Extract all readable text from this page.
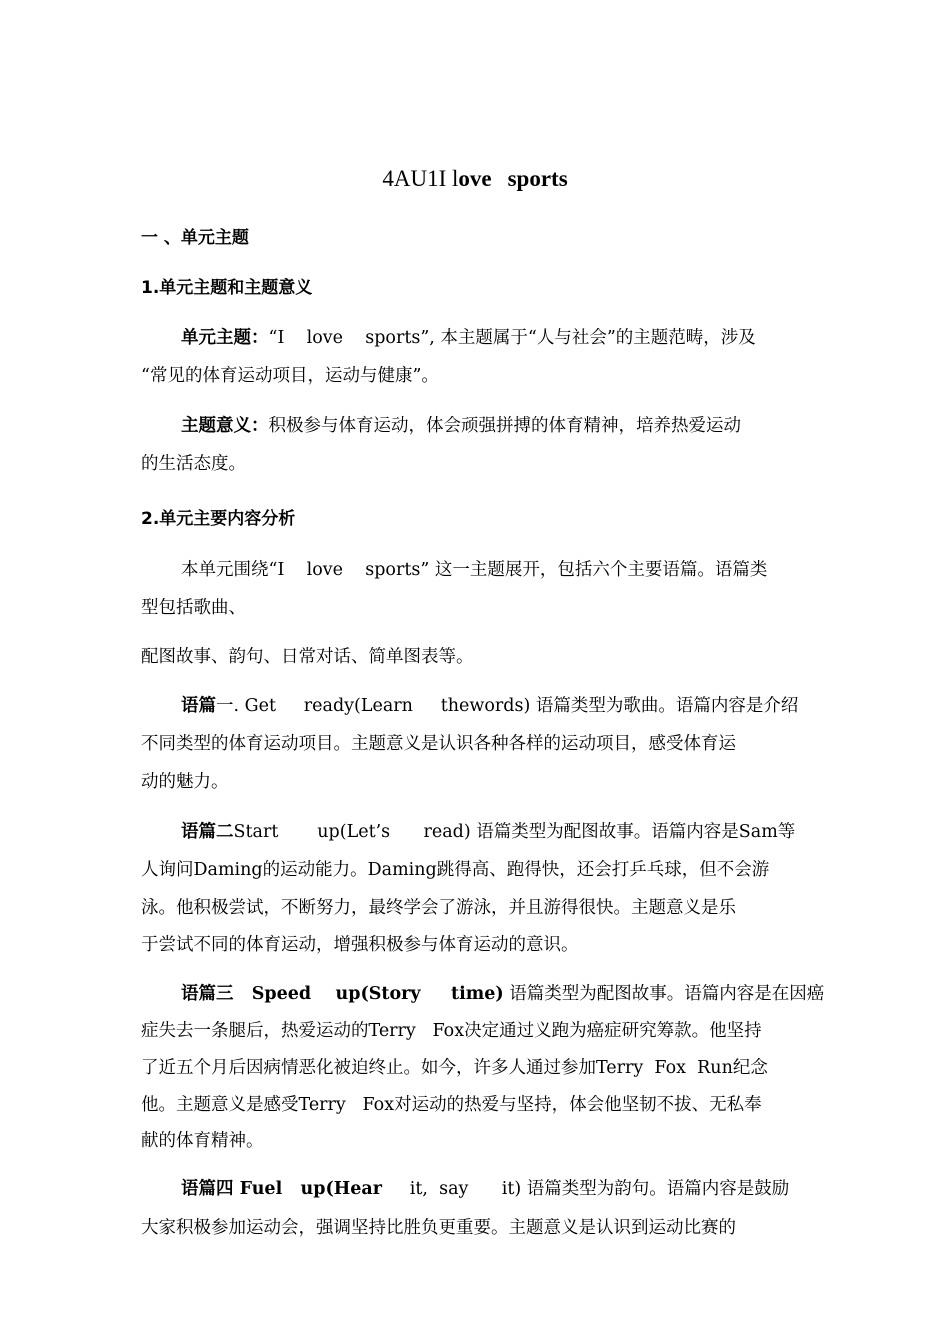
4AU1I love sports
一 、单元主题
1.单元主题和主题意义
单元主题：“I    love    sports”, 本主题属于“人与社会”的主题范畴，涉及
“常见的体育运动项目，运动与健康”。
主题意义：积极参与体育运动，体会顽强拼搏的体育精神，培养热爱运动
的生活态度。
2.单元主要内容分析
本单元围绕“I    love    sports” 这一主题展开，包括六个主要语篇。语篇类
型包括歌曲、
配图故事、韵句、日常对话、简单图表等。
语篇一. Get     ready(Learn     thewords) 语篇类型为歌曲。语篇内容是介绍
不同类型的体育运动项目。主题意义是认识各种各样的运动项目，感受体育运
动的魅力。
语篇二Start       up(Let’s      read) 语篇类型为配图故事。语篇内容是Sam等
人询问Daming的运动能力。Daming跳得高、跑得快，还会打乒乓球，但不会游
泳。他积极尝试，不断努力，最终学会了游泳，并且游得很快。主题意义是乐
于尝试不同的体育运动，增强积极参与体育运动的意识。
语篇三   Speed    up(Story     time) 语篇类型为配图故事。语篇内容是在因癌
症失去一条腿后，热爱运动的Terry   Fox决定通过义跑为癌症研究筹款。他坚持
了近五个月后因病情恶化被迫终止。如今，许多人通过参加Terry  Fox  Run纪念
他。主题意义是感受Terry   Fox对运动的热爱与坚持，体会他坚韧不拔、无私奉
献的体育精神。
语篇四 Fuel   up(Hear     it,  say      it) 语篇类型为韵句。语篇内容是鼓励
大家积极参加运动会，强调坚持比胜负更重要。主题意义是认识到运动比赛的
